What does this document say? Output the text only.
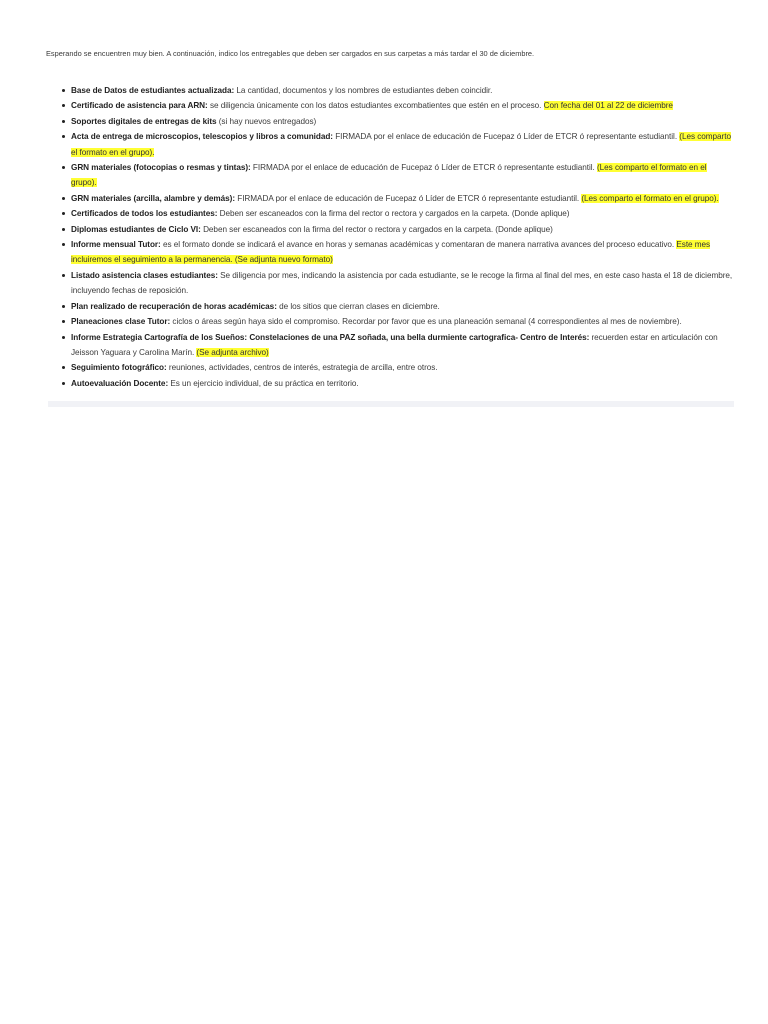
Esperando se encuentren muy bien. A continuación, indico los entregables que deben ser cargados en sus carpetas a más tardar el 30 de diciembre.
Base de Datos de estudiantes actualizada: La cantidad, documentos y los nombres de estudiantes deben coincidir.
Certificado de asistencia para ARN: se diligencia únicamente con los datos estudiantes excombatientes que estén en el proceso. Con fecha del 01 al 22 de diciembre
Soportes digitales de entregas de kits (si hay nuevos entregados)
Acta de entrega de microscopios, telescopios y libros a comunidad: FIRMADA por el enlace de educación de Fucepaz ó Líder de ETCR ó representante estudiantil. (Les comparto el formato en el grupo).
GRN materiales (fotocopias o resmas y tintas): FIRMADA por el enlace de educación de Fucepaz ó Líder de ETCR ó representante estudiantil. (Les comparto el formato en el grupo).
GRN materiales (arcilla, alambre y demás): FIRMADA por el enlace de educación de Fucepaz ó Líder de ETCR ó representante estudiantil. (Les comparto el formato en el grupo).
Certificados de todos los estudiantes: Deben ser escaneados con la firma del rector o rectora y cargados en la carpeta. (Donde aplique)
Diplomas estudiantes de Ciclo VI: Deben ser escaneados con la firma del rector o rectora y cargados en la carpeta. (Donde aplique)
Informe mensual Tutor: es el formato donde se indicará el avance en horas y semanas académicas y comentaran de manera narrativa avances del proceso educativo. Este mes incluiremos el seguimiento a la permanencia. (Se adjunta nuevo formato)
Listado asistencia clases estudiantes: Se diligencia por mes, indicando la asistencia por cada estudiante, se le recoge la firma al final del mes, en este caso hasta el 18 de diciembre, incluyendo fechas de reposición.
Plan realizado de recuperación de horas académicas: de los sitios que cierran clases en diciembre.
Planeaciones clase Tutor: ciclos o áreas según haya sido el compromiso. Recordar por favor que es una planeación semanal (4 correspondientes al mes de noviembre).
Informe Estrategia Cartografía de los Sueños: Constelaciones de una PAZ soñada, una bella durmiente cartografica- Centro de Interés: recuerden estar en articulación con Jeisson Yaguara y Carolina Marín. (Se adjunta archivo)
Seguimiento fotográfico: reuniones, actividades, centros de interés, estrategia de arcilla, entre otros.
Autoevaluación Docente: Es un ejercicio individual, de su práctica en territorio.
